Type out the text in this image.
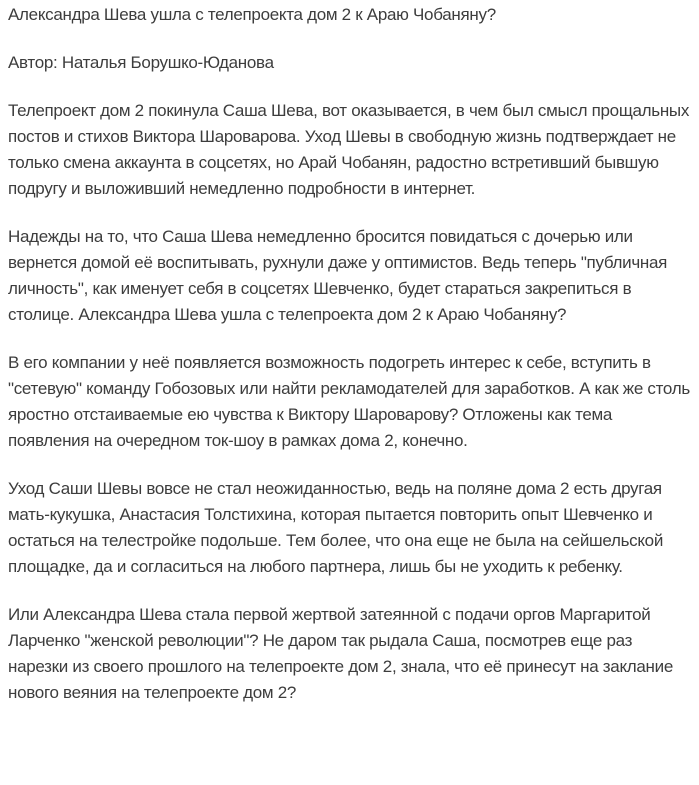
Александра Шева ушла с телепроекта дом 2 к Араю Чобаняну?
Автор: Наталья Борушко-Юданова

Телепроект дом 2 покинула Саша Шева, вот оказывается, в чем был смысл прощальных постов и стихов Виктора Шароварова. Уход Шевы в свободную жизнь подтверждает не только смена аккаунта в соцсетях, но Арай Чобанян, радостно встретивший бывшую подругу и выложивший немедленно подробности в интернет.

Надежды на то, что Саша Шева немедленно бросится повидаться с дочерью или вернется домой её воспитывать, рухнули даже у оптимистов. Ведь теперь "публичная личность", как именует себя в соцсетях Шевченко, будет стараться закрепиться в столице. Александра Шева ушла с телепроекта дом 2 к Араю Чобаняну?

В его компании у неё появляется возможность подогреть интерес к себе, вступить в "сетевую" команду Гобозовых или найти рекламодателей для заработков. А как же столь яростно отстаиваемые ею чувства к Виктору Шароварову? Отложены как тема появления на очередном ток-шоу в рамках дома 2, конечно.

Уход Саши Шевы вовсе не стал неожиданностью, ведь на поляне дома 2 есть другая мать-кукушка, Анастасия Толстихина, которая пытается повторить опыт Шевченко и остаться на телестройке подольше. Тем более, что она еще не была на сейшельской площадке, да и согласиться на любого партнера, лишь бы не уходить к ребенку.

Или Александра Шева стала первой жертвой затеянной с подачи оргов Маргаритой Ларченко "женской революции"? Не даром так рыдала Саша, посмотрев еще раз нарезки из своего прошлого на телепроекте дом 2, знала, что её принесут на заклание нового веяния на телепроекте дом 2?
